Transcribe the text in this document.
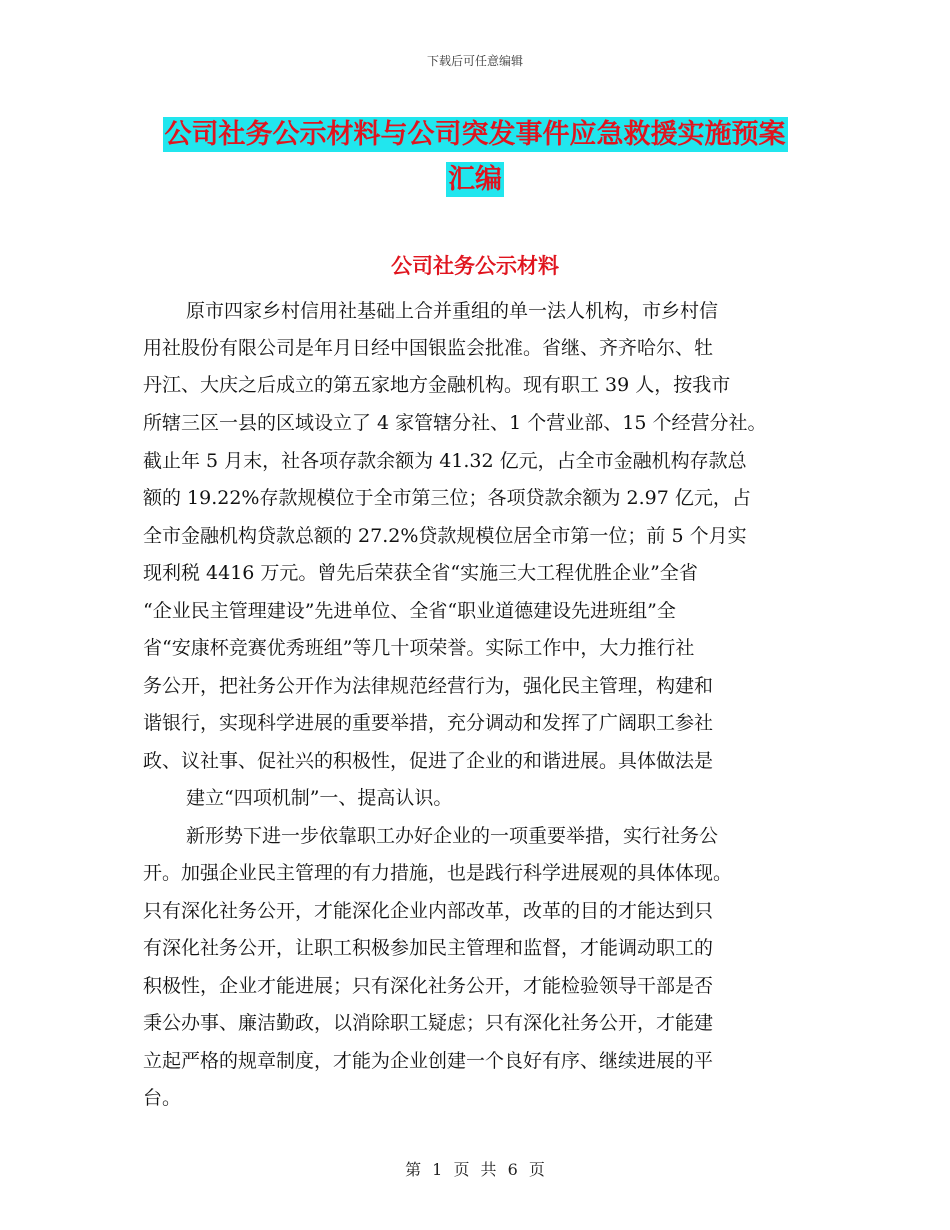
下载后可任意编辑
公司社务公示材料与公司突发事件应急救援实施预案
汇编
公司社务公示材料
原市四家乡村信用社基础上合并重组的单一法人机构，市乡村信
用社股份有限公司是年月日经中国银监会批准。省继、齐齐哈尔、牡
丹江、大庆之后成立的第五家地方金融机构。现有职工 39 人，按我市
所辖三区一县的区域设立了 4 家管辖分社、1 个营业部、15 个经营分社。
截止年 5 月末，社各项存款余额为 41.32 亿元，占全市金融机构存款总
额的 19.22%存款规模位于全市第三位；各项贷款余额为 2.97 亿元，占
全市金融机构贷款总额的 27.2%贷款规模位居全市第一位；前 5 个月实
现利税 4416 万元。曾先后荣获全省“实施三大工程优胜企业”全省
“企业民主管理建设”先进单位、全省“职业道德建设先进班组”全
省“安康杯竞赛优秀班组”等几十项荣誉。实际工作中，大力推行社
务公开，把社务公开作为法律规范经营行为，强化民主管理，构建和
谐银行，实现科学进展的重要举措，充分调动和发挥了广阔职工参社
政、议社事、促社兴的积极性，促进了企业的和谐进展。具体做法是
建立“四项机制”一、提高认识。
新形势下进一步依靠职工办好企业的一项重要举措，实行社务公
开。加强企业民主管理的有力措施，也是践行科学进展观的具体体现。
只有深化社务公开，才能深化企业内部改革，改革的目的才能达到只
有深化社务公开，让职工积极参加民主管理和监督，才能调动职工的
积极性，企业才能进展；只有深化社务公开，才能检验领导干部是否
秉公办事、廉洁勤政，以消除职工疑虑；只有深化社务公开，才能建
立起严格的规章制度，才能为企业创建一个良好有序、继续进展的平
台。
第 1 页 共 6 页
